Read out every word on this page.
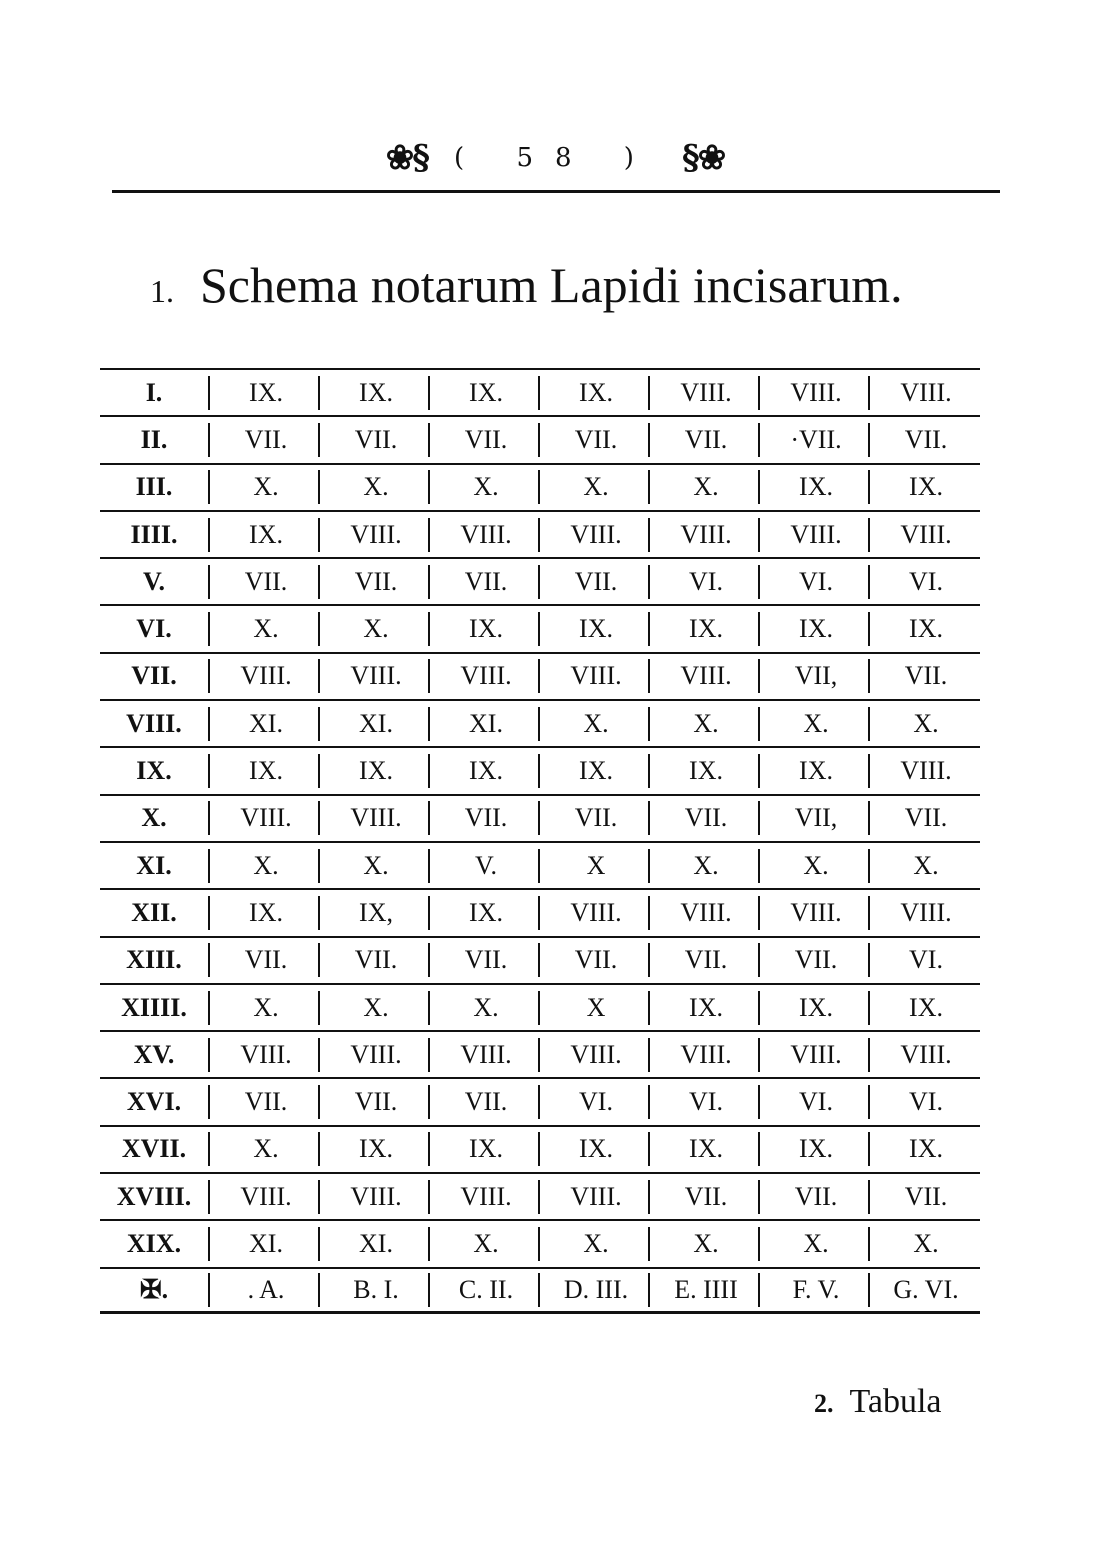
❀§ ( 58 ) §❀
1. Schema notarum Lapidi incisarum.
I.	IX.	IX.	IX.	IX.	VIII.	VIII.	VIII.
II.	VII.	VII.	VII.	VII.	VII.	·VII.	VII.
III.	X.	X.	X.	X.	X.	IX.	IX.
IIII.	IX.	VIII.	VIII.	VIII.	VIII.	VIII.	VIII.
V.	VII.	VII.	VII.	VII.	VI.	VI.	VI.
VI.	X.	X.	IX.	IX.	IX.	IX.	IX.
VII.	VIII.	VIII.	VIII.	VIII.	VIII.	VII,	VII.
VIII.	XI.	XI.	XI.	X.	X.	X.	X.
IX.	IX.	IX.	IX.	IX.	IX.	IX.	VIII.
X.	VIII.	VIII.	VII.	VII.	VII.	VII,	VII.
XI.	X.	X.	V.	X	X.	X.	X.
XII.	IX.	IX,	IX.	VIII.	VIII.	VIII.	VIII.
XIII.	VII.	VII.	VII.	VII.	VII.	VII.	VI.
XIIII.	X.	X.	X.	X	IX.	IX.	IX.
XV.	VIII.	VIII.	VIII.	VIII.	VIII.	VIII.	VIII.
XVI.	VII.	VII.	VII.	VI.	VI.	VI.	VI.
XVII.	X.	IX.	IX.	IX.	IX.	IX.	IX.
XVIII.	VIII.	VIII.	VIII.	VIII.	VII.	VII.	VII.
XIX.	XI.	XI.	X.	X.	X.	X.	X.
✠.	. A.	B. I.	C. II.	D. III.	E. IIII	F. V.	G. VI.
2. Tabula
